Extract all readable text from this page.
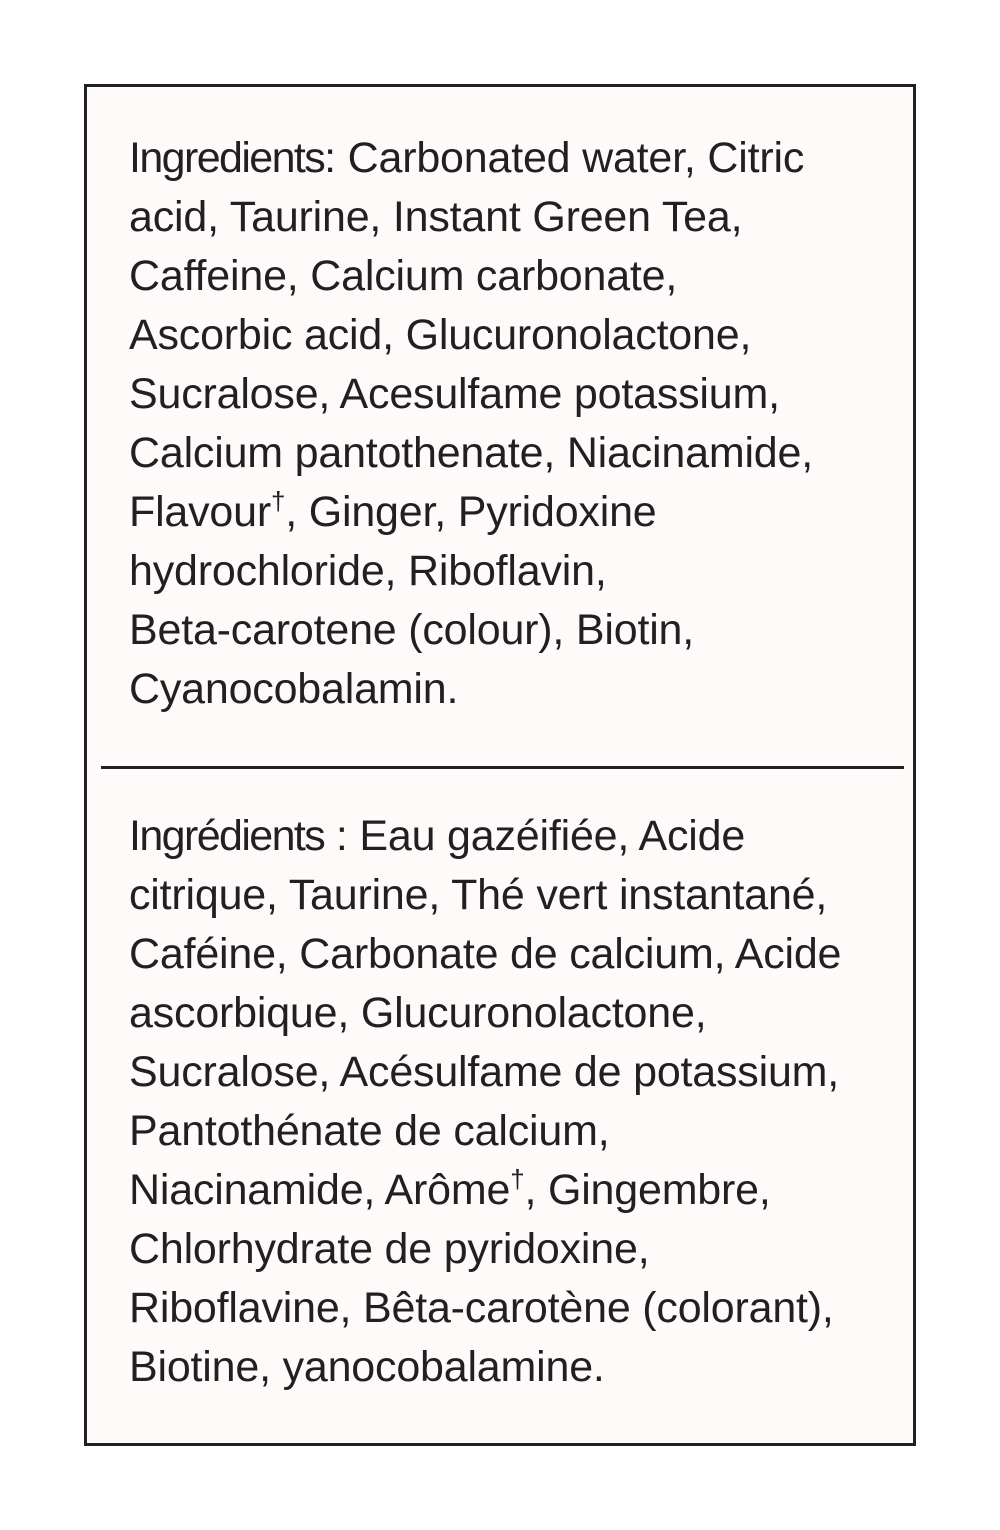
Ingredients: Carbonated water, Citric
acid, Taurine, Instant Green Tea,
Caffeine, Calcium carbonate,
Ascorbic acid, Glucuronolactone,
Sucralose, Acesulfame potassium,
Calcium pantothenate, Niacinamide,
Flavour†, Ginger, Pyridoxine
hydrochloride, Riboflavin,
Beta-carotene (colour), Biotin,
Cyanocobalamin.
Ingrédients : Eau gazéifiée, Acide
citrique, Taurine, Thé vert instantané,
Caféine, Carbonate de calcium, Acide
ascorbique, Glucuronolactone,
Sucralose, Acésulfame de potassium,
Pantothénate de calcium,
Niacinamide, Arôme†, Gingembre,
Chlorhydrate de pyridoxine,
Riboflavine, Bêta-carotène (colorant),
Biotine, yanocobalamine.
